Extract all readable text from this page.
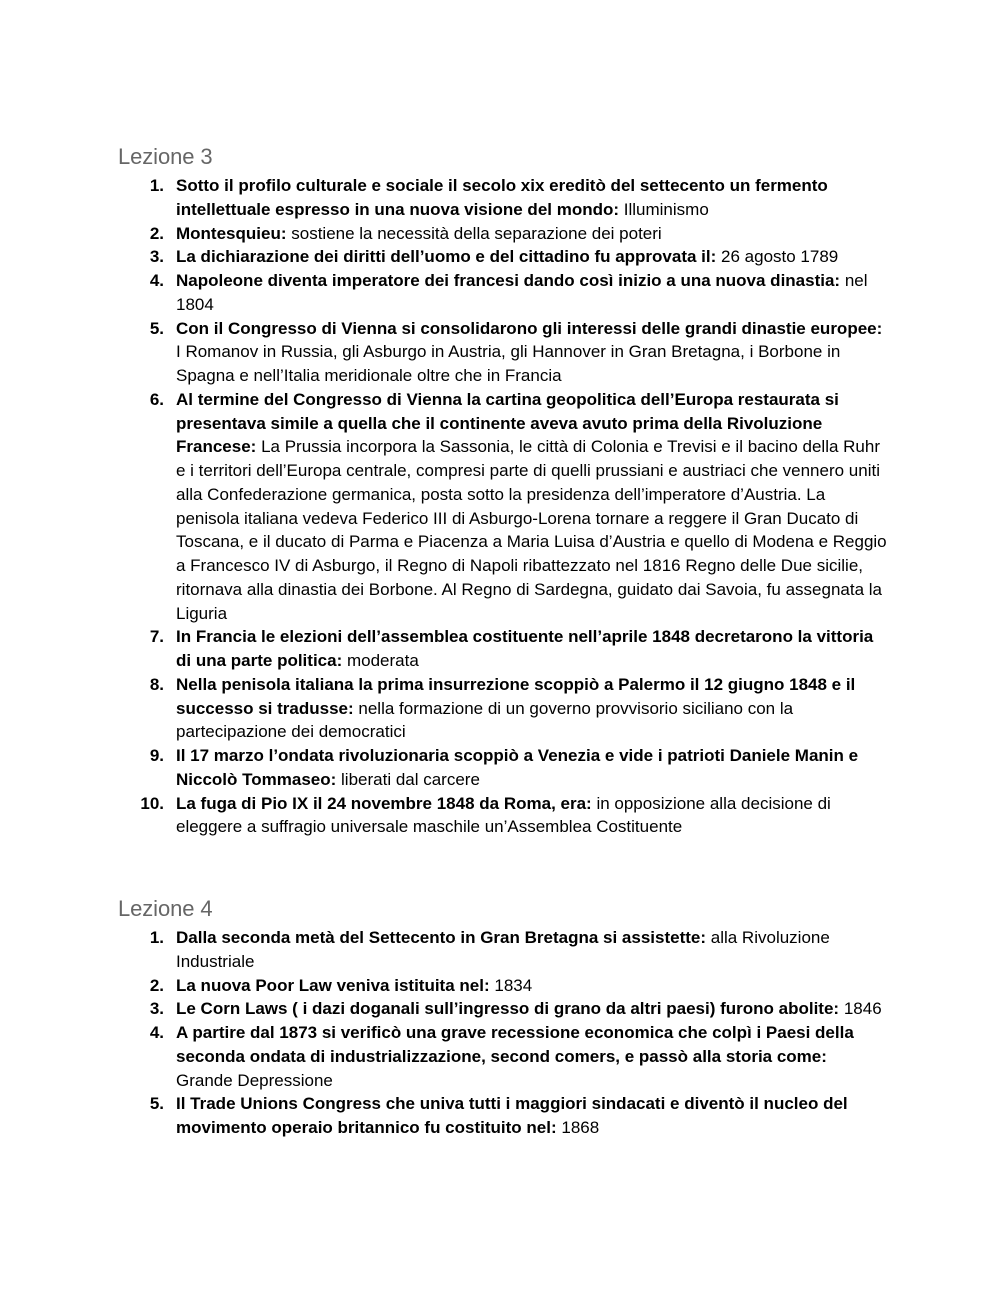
Lezione 3
1. Sotto il profilo culturale e sociale il secolo xix ereditò del settecento un fermento intellettuale espresso in una nuova visione del mondo: Illuminismo
2. Montesquieu: sostiene la necessità della separazione dei poteri
3. La dichiarazione dei diritti dell’uomo e del cittadino fu approvata il: 26 agosto 1789
4. Napoleone diventa imperatore dei francesi dando così inizio a una nuova dinastia: nel 1804
5. Con il Congresso di Vienna si consolidarono gli interessi delle grandi dinastie europee: I Romanov in Russia, gli Asburgo in Austria, gli Hannover in Gran Bretagna, i Borbone in Spagna e nell’Italia meridionale oltre che in Francia
6. Al termine del Congresso di Vienna la cartina geopolitica dell’Europa restaurata si presentava simile a quella che il continente aveva avuto prima della Rivoluzione Francese: La Prussia incorpora la Sassonia, le città di Colonia e Trevisi e il bacino della Ruhr e i territori dell’Europa centrale, compresi parte di quelli prussiani e austriaci che vennero uniti alla Confederazione germanica, posta sotto la presidenza dell’imperatore d’Austria. La penisola italiana vedeva Federico III di Asburgo-Lorena tornare a reggere il Gran Ducato di Toscana, e il ducato di Parma e Piacenza a Maria Luisa d’Austria e quello di Modena e Reggio a Francesco IV di Asburgo, il Regno di Napoli ribattezzato nel 1816 Regno delle Due sicilie, ritornava alla dinastia dei Borbone. Al Regno di Sardegna, guidato dai Savoia, fu assegnata la Liguria
7. In Francia le elezioni dell’assemblea costituente nell’aprile 1848 decretarono la vittoria di una parte politica: moderata
8. Nella penisola italiana la prima insurrezione scoppiò a Palermo il 12 giugno 1848 e il successo si tradusse: nella formazione di un governo provvisorio siciliano con la partecipazione dei democratici
9. Il 17 marzo l’ondata rivoluzionaria scoppiò a Venezia e vide i patrioti Daniele Manin e Niccolò Tommaseo: liberati dal carcere
10. La fuga di Pio IX il 24 novembre 1848 da Roma, era: in opposizione alla decisione di eleggere a suffragio universale maschile un’Assemblea Costituente
Lezione 4
1. Dalla seconda metà del Settecento in Gran Bretagna si assistette: alla Rivoluzione Industriale
2. La nuova Poor Law veniva istituita nel: 1834
3. Le Corn Laws ( i dazi doganali sull’ingresso di grano da altri paesi) furono abolite: 1846
4. A partire dal 1873 si verificò una grave recessione economica che colpì i Paesi della seconda ondata di industrializzazione, second comers, e passò alla storia come: Grande Depressione
5. Il Trade Unions Congress che univa tutti i maggiori sindacati e diventò il nucleo del movimento operaio britannico fu costituito nel: 1868
